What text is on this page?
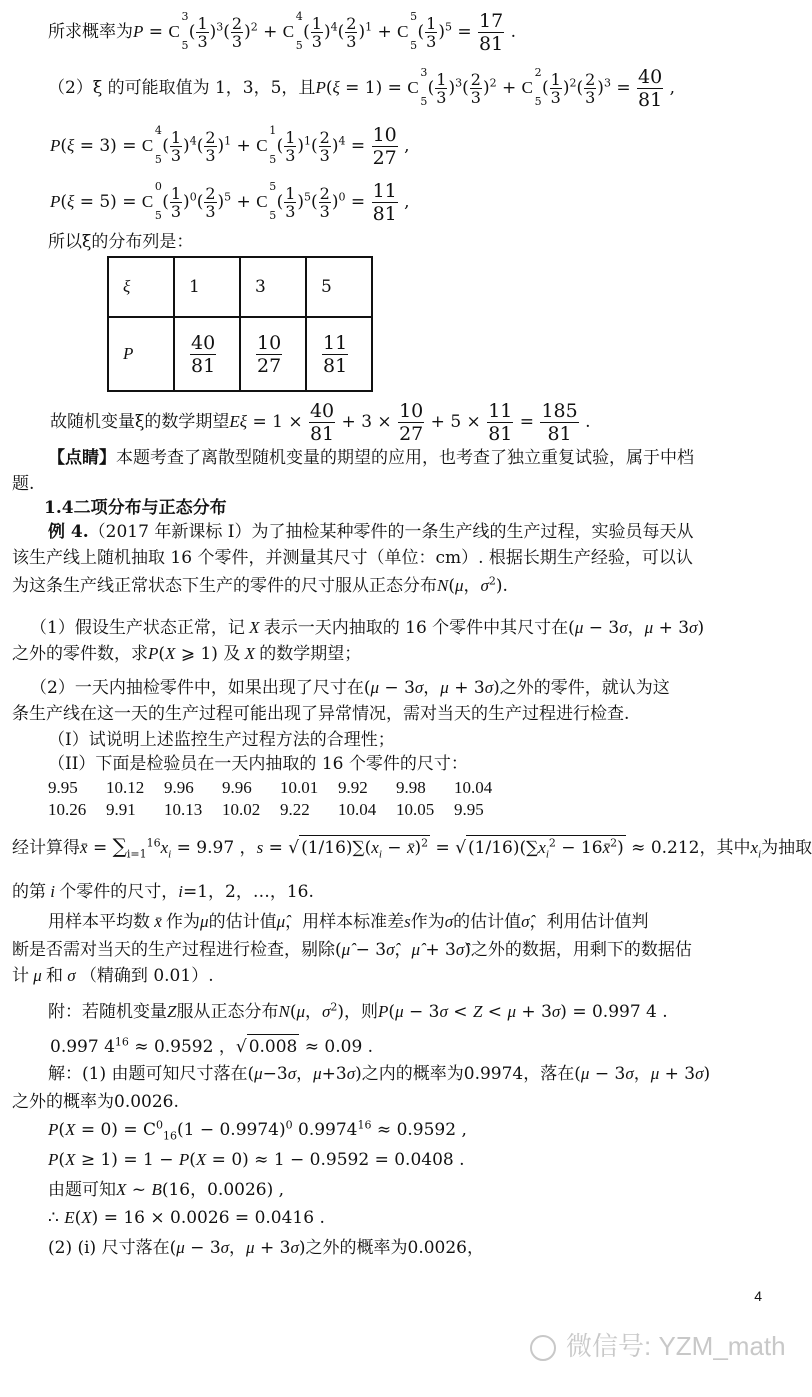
所求概率为P = C
3
5
( $\frac{1}{3} )^3( \frac{2}{3} )^2 + C$
4
5
( $\frac{1}{3} )^4( \frac{2}{3} )^1 + C$
5
5
( $\frac{1}{3} )^5 = \frac{17}{81}$ .
（2）ξ 的可能取值为 1，3，5，且P(ξ = 1) = C
3
5
( $\frac{1}{3} )^3( \frac{2}{3} )^2 + C$
2
5
( $\frac{1}{3} )^2( \frac{2}{3} )^3 = \frac{40}{81}$ ,
P(ξ = 3) = C
4
5
( $\frac{1}{3} )^4( \frac{2}{3} )^1 + C$
1
5
( $\frac{1}{3} )^1( \frac{2}{3} )^4 = \frac{10}{27}$ ,
P(ξ = 5) = C
0
5
( $\frac{1}{3} )^0( \frac{2}{3} )^5 + C$
5
5
( $\frac{1}{3} )^5( \frac{2}{3} )^0 = \frac{11}{81}$ ,
所以ξ的分布列是：
ξ	1	3	5
P	$\frac{40}{81}$	$\frac{10}{27}$	$\frac{11}{81}$
故随机变量ξ的数学期望$E\xi = 1 \times \frac{40}{81} + 3 \times \frac{10}{27} + 5 \times \frac{11}{81} = \frac{185}{81}$ .
【点睛】本题考查了离散型随机变量的期望的应用，也考查了独立重复试验，属于中档
题.
1.4二项分布与正态分布
例 4.（2017 年新课标 I）为了抽检某种零件的一条生产线的生产过程，实验员每天从
该生产线上随机抽取 16 个零件，并测量其尺寸（单位：cm）. 根据长期生产经验，可以认
为这条生产线正常状态下生产的零件的尺寸服从正态分布N(μ，$\sigma^2$).
（1）假设生产状态正常，记 X 表示一天内抽取的 16 个零件中其尺寸在(μ − 3σ，μ + 3σ)
之外的零件数，求P(X ⩾ 1) 及 X 的数学期望；
（2）一天内抽检零件中，如果出现了尺寸在(μ − 3σ，μ + 3σ)之外的零件，就认为这
条生产线在这一天的生产过程可能出现了异常情况，需对当天的生产过程进行检查.
（I）试说明上述监控生产过程方法的合理性；
（II）下面是检验员在一天内抽取的 16 个零件的尺寸：
9.95 10.12 9.96 9.96 10.01 9.92 9.98 10.04
10.26 9.91 10.13 10.02 9.22 10.04 10.05 9.95
经计算得x̄ = $\sum_{i=1}^{16}x_i = 9.97$ ，s = √ $(1/16)\sum(x_i$ − x̄)$^2$ = √ $(1/16)(\sum x_i^2$ − 16x̄$^2$) ≈ 0.212，其中$x_i$为抽取
的第 i 个零件的尺寸，i=1，2，…，16.
用样本平均数 x̄ 作为μ的估计值μ̂，用样本标准差s作为σ的估计值σ̂，利用估计值判
断是否需对当天的生产过程进行检查，剔除(μ̂ − 3σ̂，μ̂ + 3σ̂)之外的数据，用剩下的数据估
计 μ 和 σ （精确到 0.01）.
附：若随机变量Z服从正态分布N(μ，$\sigma^2$)，则P(μ − 3σ < Z < μ + 3σ) = 0.997 4 .
0.997 $4^{16} \approx 0.9592$ ，√ 0.008 ≈ 0.09 .
解：(1) 由题可知尺寸落在(μ−3σ，μ+3σ)之内的概率为0.9974，落在(μ − 3σ，μ + 3σ)
之外的概率为0.0026.
$P(X = 0) = C^0_{16}(1 - 0.9974)^0$ $0.9974^{16} \approx 0.9592$ ,
P(X ≥ 1) = 1 − P(X = 0) ≈ 1 − 0.9592 = 0.0408 .
由题可知X ~ B(16，0.0026) ,
∴ E(X) = 16 × 0.0026 = 0.0416 .
(2) (i) 尺寸落在(μ − 3σ，μ + 3σ)之外的概率为0.0026，
4
微信号: YZM_math
